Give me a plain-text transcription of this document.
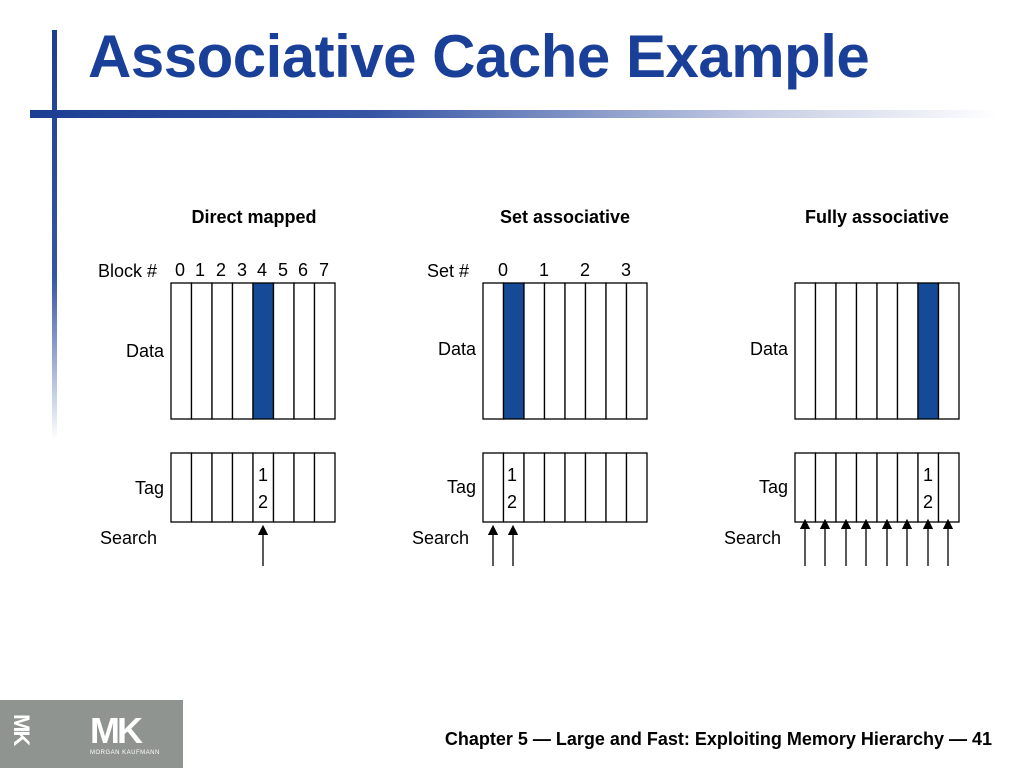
Associative Cache Example
Direct mapped
Block # 0 1 2 3 4 5 6 7
Data
Tag
Search
1
2
Set associative
Set # 0 1 2 3
Data
Tag
Search
1
2
Fully associative
Data
Tag
Search
1
2
MK MK
MORGAN KAUFMANN
Chapter 5 — Large and Fast: Exploiting Memory Hierarchy — 41
